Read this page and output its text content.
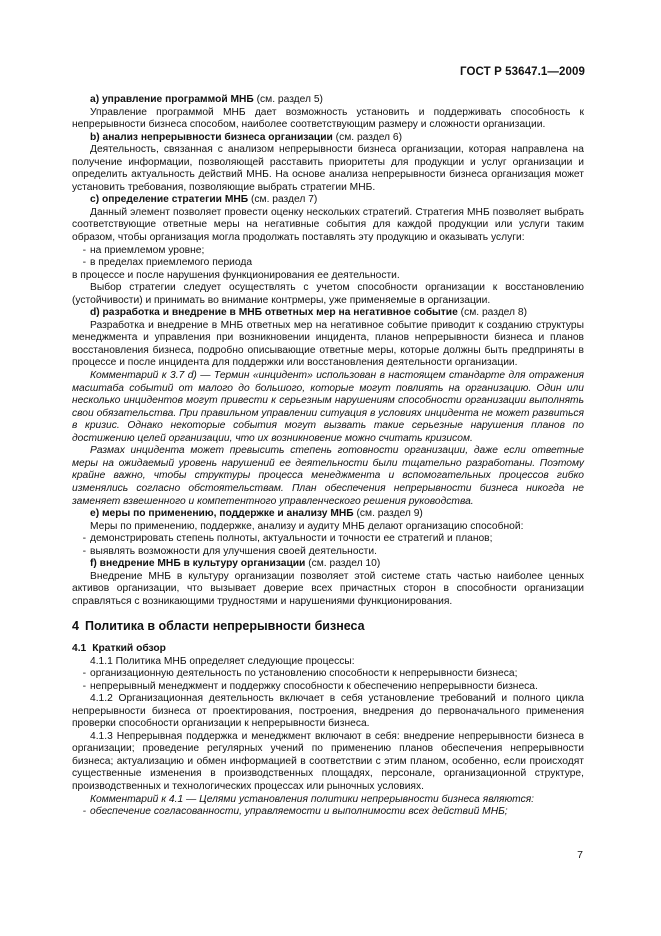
ГОСТ Р 53647.1—2009

a) управление программой МНБ (см. раздел 5)

Управление программой МНБ дает возможность установить и поддерживать способность к непрерывности бизнеса способом, наиболее соответствующим размеру и сложности организации.

b) анализ непрерывности бизнеса организации (см. раздел 6)

Деятельность, связанная с анализом непрерывности бизнеса организации, которая направлена на получение информации, позволяющей расставить приоритеты для продукции и услуг организации и определить актуальность действий МНБ. На основе анализа непрерывности бизнеса организация может установить требования, позволяющие выбрать стратегии МНБ.

c) определение стратегии МНБ (см. раздел 7)

Данный элемент позволяет провести оценку нескольких стратегий. Стратегия МНБ позволяет выбрать соответствующие ответные меры на негативные события для каждой продукции или услуги таким образом, чтобы организация могла продолжать поставлять эту продукцию и оказывать услуги:

- на приемлемом уровне;

- в пределах приемлемого периода

в процессе и после нарушения функционирования ее деятельности.

Выбор стратегии следует осуществлять с учетом способности организации к восстановлению (устойчивости) и принимать во внимание контрмеры, уже применяемые в организации.

d) разработка и внедрение в МНБ ответных мер на негативное событие (см. раздел 8)

Разработка и внедрение в МНБ ответных мер на негативное событие приводит к созданию структуры менеджмента и управления при возникновении инцидента, планов непрерывности бизнеса и планов восстановления бизнеса, подробно описывающие ответные меры, которые должны быть предприняты в процессе и после инцидента для поддержки или восстановления деятельности организации.

Комментарий к 3.7 d) — Термин «инцидент» использован в настоящем стандарте для отражения масштаба событий от малого до большого, которые могут повлиять на организацию. Один или несколько инцидентов могут привести к серьезным нарушениям способности организации выполнять свои обязательства. При правильном управлении ситуация в условиях инцидента не может развиться в кризис. Однако некоторые события могут вызвать такие серьезные нарушения планов по достижению целей организации, что их возникновение можно считать кризисом.

Размах инцидента может превысить степень готовности организации, даже если ответные меры на ожидаемый уровень нарушений ее деятельности были тщательно разработаны. Поэтому крайне важно, чтобы структуры процесса менеджмента и вспомогательных процессов гибко изменялись согласно обстоятельствам. План обеспечения непрерывности бизнеса никогда не заменяет взвешенного и компетентного управленческого решения руководства.

e) меры по применению, поддержке и анализу МНБ (см. раздел 9)

Меры по применению, поддержке, анализу и аудиту МНБ делают организацию способной:

- демонстрировать степень полноты, актуальности и точности ее стратегий и планов;

- выявлять возможности для улучшения своей деятельности.

f) внедрение МНБ в культуру организации (см. раздел 10)

Внедрение МНБ в культуру организации позволяет этой системе стать частью наиболее ценных активов организации, что вызывает доверие всех причастных сторон в способности организации справляться с возникающими трудностями и нарушениями функционирования.

4 Политика в области непрерывности бизнеса

4.1 Краткий обзор

4.1.1 Политика МНБ определяет следующие процессы:

- организационную деятельность по установлению способности к непрерывности бизнеса;

- непрерывный менеджмент и поддержку способности к обеспечению непрерывности бизнеса.

4.1.2 Организационная деятельность включает в себя установление требований и полного цикла непрерывности бизнеса от проектирования, построения, внедрения до первоначального применения проверки способности организации к непрерывности бизнеса.

4.1.3 Непрерывная поддержка и менеджмент включают в себя: внедрение непрерывности бизнеса в организации; проведение регулярных учений по применению планов обеспечения непрерывности бизнеса; актуализацию и обмен информацией в соответствии с этим планом, особенно, если происходят существенные изменения в производственных площадях, персонале, организационной структуре, производственных и технологических процессах или рыночных условиях.

Комментарий к 4.1 — Целями установления политики непрерывности бизнеса являются:

- обеспечение согласованности, управляемости и выполнимости всех действий МНБ;

7
